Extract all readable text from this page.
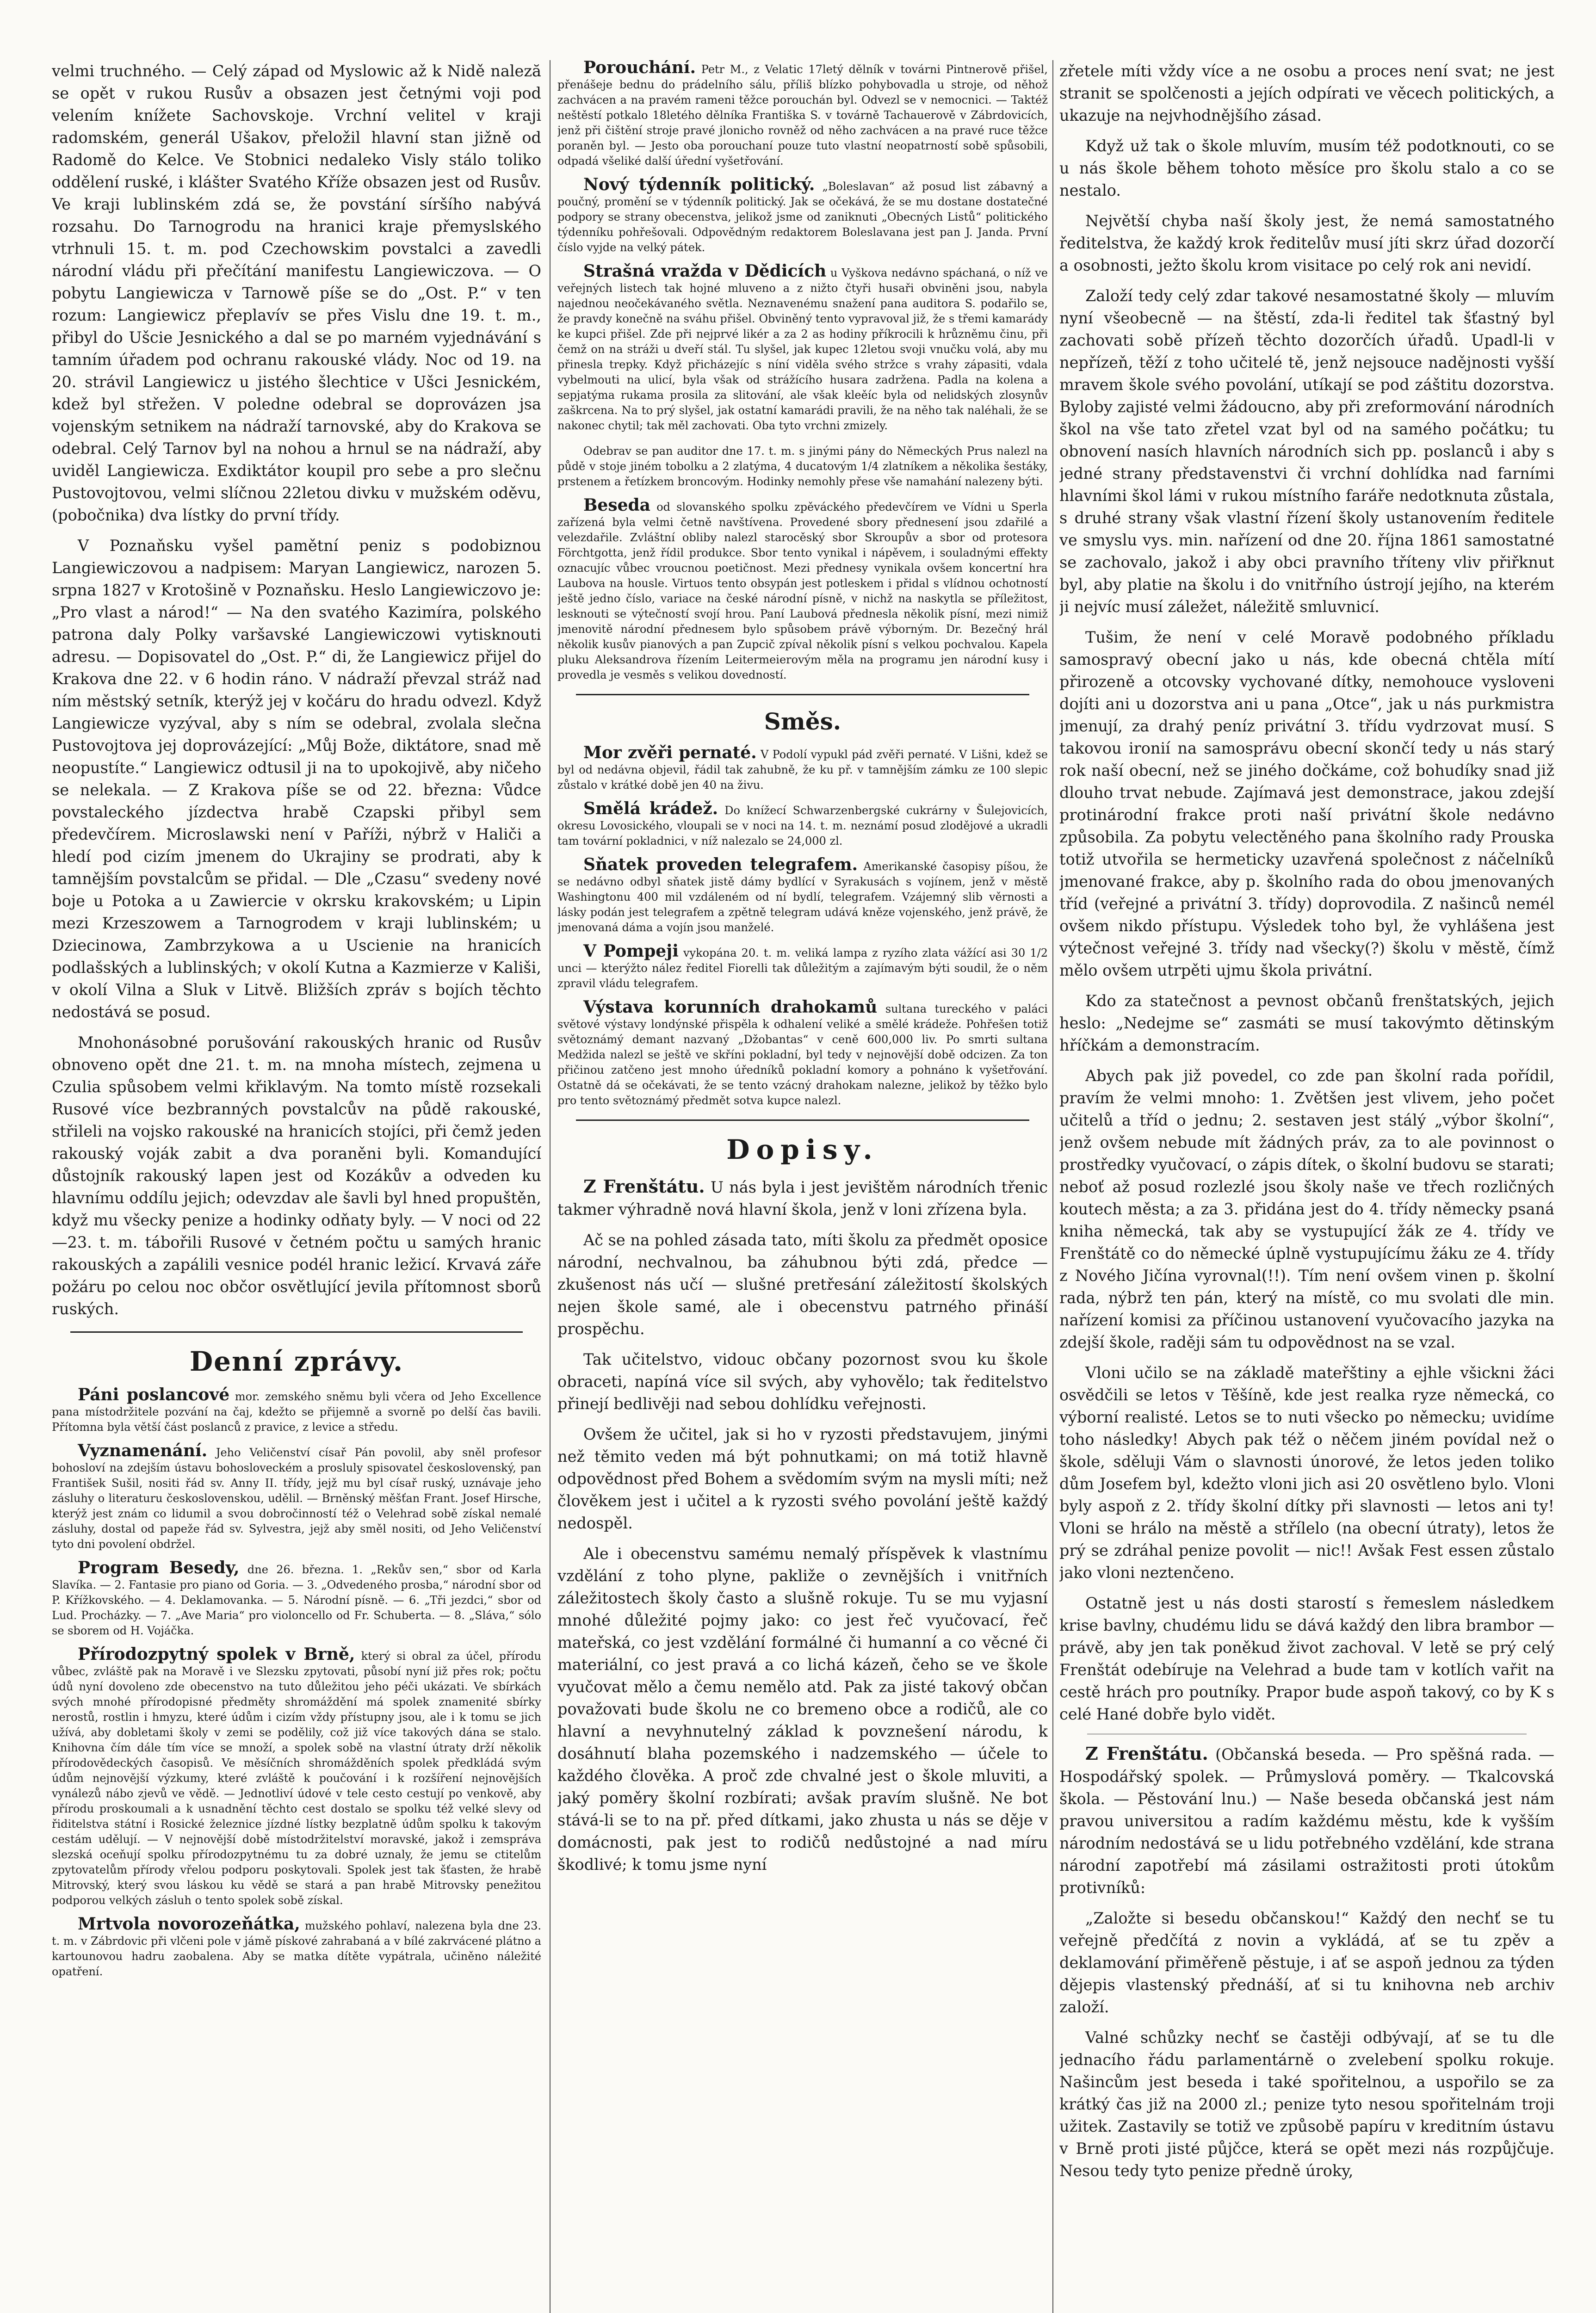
velmi truchného. — Celý západ od Myslowic až k Nidě naleză se opět v rukou Rusův a obsazen jest četnými voji pod velením knížete Sachovskoje. Vrchní velitel v kraji radomském, generál Ušakov, přeložil hlavní stan jižně od Radomě do Kelce. Ve Stobnici nedaleko Visly stálo toliko oddělení ruské, i klášter Svatého Kříže obsazen jest od Rusův. Ve kraji lublinském zdá se, že povstání síršího nabývá rozsahu. Do Tarnogrodu na hranici kraje přemyslského vtrhnuli 15. t. m. pod Czechowskim povstalci a zavedli národní vládu při přečítání manifestu Langiewiczova. — O pobytu Langiewicza v Tarnowě píše se do „Ost. P.“ v ten rozum: Langiewicz přeplavív se přes Vislu dne 19. t. m., přibyl do Ušcie Jesnického a dal se po marném vyjednávání s tamním úřadem pod ochranu rakouské vlády. Noc od 19. na 20. strávil Langiewicz u jistého šlechtice v Ušci Jesnickém, kdež byl střežen. V poledne odebral se doprovázen jsa vojenským setnikem na nádraží tarnovské, aby do Krakova se odebral. Celý Tarnov byl na nohou a hrnul se na nádraží, aby uviděl Langiewicza. Exdiktátor koupil pro sebe a pro slečnu Pustovojtovou, velmi slíčnou 22letou divku v mužském oděvu, (pobočnika) dva lístky do první třídy.

V Poznaňsku vyšel pamětní peniz s podobiznou Langiewiczovou a nadpisem: Maryan Langiewicz, narozen 5. srpna 1827 v Krotošině v Poznaňsku. Heslo Langiewiczovo je: „Pro vlast a národ!“ — Na den svatého Kazimíra, polského patrona daly Polky varšavské Langiewiczowi vytisknouti adresu. — Dopisovatel do „Ost. P.“ di, že Langiewicz přijel do Krakova dne 22. v 6 hodin ráno. V nádraží převzal stráž nad ním městský setník, kterýž jej v kočáru do hradu odvezl. Když Langiewicze vyzýval, aby s ním se odebral, zvolala slečna Pustovojtova jej doprovázející: „Můj Bože, diktátore, snad mě neopustíte.“ Langiewicz odtusil ji na to upokojivě, aby ničeho se nelekala. — Z Krakova píše se od 22. března: Vůdce povstaleckého jízdectva hrabě Czapski přibyl sem předevčírem. Microslawski není v Paříži, nýbrž v Haliči a hledí pod cizím jmenem do Ukrajiny se prodrati, aby k tamnějším povstalcům se přidal. — Dle „Czasu“ svedeny nové boje u Potoka a u Zawiercie v okrsku krakovském; u Lipin mezi Krzeszowem a Tarnogrodem v kraji lublinském; u Dziecinowa, Zambrzykowa a u Uscienie na hranicích podlašských a lublinských; v okolí Kutna a Kazmierze v Kališi, v okolí Vilna a Sluk v Litvě. Bližších zpráv s bojích těchto nedostává se posud.

Mnohonásobné porušování rakouských hranic od Rusův obnoveno opět dne 21. t. m. na mnoha místech, zejmena u Czulia spůsobem velmi křiklavým. Na tomto místě rozsekali Rusové více bezbranných povstalcův na půdě rakouské, střileli na vojsko rakouské na hranicích stojíci, při čemž jeden rakouský voják zabit a dva poraněni byli. Komandující důstojník rakouský lapen jest od Kozákův a odveden ku hlavnímu oddílu jejich; odevzdav ale šavli byl hned propuštěn, když mu všecky penize a hodinky odňaty byly. — V noci od 22—23. t. m. tábořili Rusové v četném počtu u samých hranic rakouských a zapálili vesnice podél hranic ležicí. Krvavá záře požáru po celou noc občor osvětlující jevila přítomnost sborů ruských.

Denní zprávy.

Páni poslancové mor. zemského sněmu byli včera od Jeho Excellence pana místodržitele pozvání na čaj, kdežto se přijemně a svorně po delší čas bavili. Přítomna byla větší část poslanců z pravice, z levice a středu.

Vyznamenání. Jeho Veličenství císař Pán povolil, aby sněl profesor bohosloví na zdejším ústavu bohosloveckém a prosluly spisovatel československý, pan František Sušil, nositi řád sv. Anny II. třídy, jejž mu byl císař ruský, uznávaje jeho zásluhy o literaturu československou, udělil. — Brněnský měšťan Frant. Josef Hirsche, kterýž jest znám co lidumil a svou dobročinností též o Velehrad sobě získal nemalé zásluhy, dostal od papeže řád sv. Sylvestra, jejž aby směl nositi, od Jeho Veličenství tyto dni povolení obdržel.

Program Besedy, dne 26. března. 1. „Rekův sen,“ sbor od Karla Slavíka. — 2. Fantasie pro piano od Goria. — 3. „Odvedeného prosba,“ národní sbor od P. Křížkovského. — 4. Deklamovanka. — 5. Národní písně. — 6. „Tři jezdci,“ sbor od Lud. Procházky. — 7. „Ave Maria“ pro violoncello od Fr. Schuberta. — 8. „Sláva,“ sólo se sborem od H. Vojáčka.

Přírodozpytný spolek v Brně, který si obral za účel, přírodu vůbec, zvláště pak na Moravě i ve Slezsku zpytovati, působí nyní již přes rok; počtu údů nyní dovoleno zde obecenstvo na tuto důležitou jeho péči ukázati. Ve sbírkách svých mnohé přírodopisné předměty shromáždění má spolek znamenité sbírky nerostů, rostlin i hmyzu, které údům i cizím vždy přístupny jsou, ale i k tomu se jich užívá, aby dobletami školy v zemi se podělily, což již více takových dána se stalo. Knihovna čím dále tím více se množí, a spolek sobě na vlastní útraty drží několik přírodovědeckých časopisů. Ve měsíčních shromážděních spolek předkládá svým údům nejnovější výzkumy, které zvláště k poučování i k rozšíření nejnovějších vynálezů nábo zjevů ve vědě. — Jednotliví údové v tele cesto cestují po venkově, aby přírodu proskoumali a k usnadnění těchto cest dostalo se spolku též velké slevy od řiditelstva státní i Rosické železnice jízdné lístky bezplatně údům spolku k takovým cestám udělují. — V nejnovější době místodržitelství moravské, jakož i zemspráva slezská oceňují spolku přírodozpytnému tu za dobré uznaly, že jemu se ctitelům zpytovatelům přírody vřelou podporu poskytovali. Spolek jest tak šťasten, že hrabě Mitrovský, který svou láskou ku vědě se stará a pan hrabě Mitrovsky penežitou podporou velkých zásluh o tento spolek sobě získal.

Mrtvola novorozeňátka, mužského pohlaví, nalezena byla dne 23. t. m. v Zábrdovic při vlčeni pole v jámě pískové zahrabaná a v bílé zakrvácené plátno a kartounovou hadru zaobalena. Aby se matka dítěte vypátrala, učiněno náležité opatření.

Porouchání. Petr M., z Velatic 17letý dělník v továrni Pintnerově přišel, přenášeje bednu do prádelního sálu, příliš blízko pohybovadla u stroje, od něhož zachvácen a na pravém rameni těžce porouchán byl. Odvezl se v nemocnici. — Taktéž neštěstí potkalo 18letého dělníka Františka S. v továrně Tachauerově v Zábrdovicích, jenž při čištění stroje pravé jlonicho rovněž od něho zachvácen a na pravé ruce těžce poraněn byl. — Jesto oba porouchaní pouze tuto vlastní neopatrností sobě spůsobili, odpadá všeliké další úřední vyšetřování.

Nový týdenník politický. „Boleslavan“ až posud list zábavný a poučný, promění se v týdenník politický. Jak se očekává, že se mu dostane dostatečné podpory se strany obecenstva, jelikož jsme od zaniknuti „Obecných Listů“ politického týdenníku pohřešovali. Odpovědným redaktorem Boleslavana jest pan J. Janda. První číslo vyjde na velký pátek.

Strašná vražda v Dědicích u Vyškova nedávno spáchaná, o níž ve veřejných listech tak hojné mluveno a z nižto čtyři husaři obviněni jsou, nabyla najednou neočekávaného světla. Neznavenému snažení pana auditora S. podařilo se, že pravdy konečně na sváhu přišel. Obviněný tento vypravoval již, že s třemi kamarády ke kupci přišel. Zde při nejprvé likér a za 2 as hodiny příkrocili k hrůzněmu činu, při čemž on na stráži u dveří stál. Tu slyšel, jak kupec 12letou svoji vnučku volá, aby mu přinesla trepky. Když přicházejíc s níní viděla svého stržce s vrahy zápasiti, vdala vybelmouti na ulicí, byla však od strážícího husara zadržena. Padla na kolena a sepjatýma rukama prosila za slitování, ale však kleěíc byla od nelidských zlosynův zaškrcena. Na to prý slyšel, jak ostatní kamarádi pravili, že na něho tak naléhali, že se nakonec chytil; tak měl zachovati. Oba tyto vrchni zmizely.

Odebrav se pan auditor dne 17. t. m. s jinými pány do Německých Prus nalezl na půdě v stoje jiném tobolku a 2 zlatýma, 4 ducatovým 1/4 zlatníkem a několika šestáky, prstenem a řetízkem broncovým. Hodinky nemohly přese vše namahání nalezeny býti.

Beseda od slovanského spolku zpěváckého předevčírem ve Vídni u Sperla zařízená byla velmi četně navštívena. Provedené sbory přednesení jsou zdařilé a velezdařile. Zvláštní obliby nalezl starocěský sbor Skroupův a sbor od protesora Förchtgotta, jenž řídil produkce. Sbor tento vynikal i nápěvem, i souladnými effekty oznacujíc vůbec vroucnou poetičnost. Mezi přednesy vynikala ovšem koncertní hra Laubova na housle. Virtuos tento obsypán jest potleskem i přidal s vlídnou ochotností ještě jedno číslo, variace na české národní písně, v nichž na naskytla se příležitost, lesknouti se výtečností svojí hrou. Paní Laubová přednesla několik písní, mezi nimiž jmenovitě národní přednesem bylo spůsobem právě výborným. Dr. Bezečný hrál několik kusův pianových a pan Zupcič zpíval několik písní s velkou pochvalou. Kapela pluku Aleksandrova řízením Leitermeierovým měla na programu jen národní kusy i provedla je vesměs s velikou dovedností.

Směs.

Mor zvěři pernaté. V Podolí vypukl pád zvěři pernaté. V Lišni, kdež se byl od nedávna objevil, řádil tak zahubně, že ku př. v tamnějším zámku ze 100 slepic zůstalo v krátké době jen 40 na živu.

Smělá krádež. Do knížecí Schwarzenbergské cukrárny v Šulejovicích, okresu Lovosického, vloupali se v noci na 14. t. m. neznámí posud zlodějové a ukradli tam tovární pokladnici, v níž nalezalo se 24,000 zl.

Sňatek proveden telegrafem. Amerikanské časopisy píšou, že se nedávno odbyl sňatek jistě dámy bydlící v Syrakusách s vojínem, jenž v městě Washingtonu 400 mil vzdáleném od ní bydlí, telegrafem. Vzájemný slib věrnosti a lásky podán jest telegrafem a zpětně telegram udává kněze vojenského, jenž právě, že jmenovaná dáma a vojín jsou manželé.

V Pompeji vykopána 20. t. m. veliká lampa z ryzího zlata vážící asi 30 1/2 unci — kterýžto nález ředitel Fiorelli tak důležitým a zajímavým býti soudil, že o něm zpravil vládu telegrafem.

Výstava korunních drahokamů sultana tureckého v paláci světové výstavy londýnské přispěla k odhalení veliké a smělé krádeže. Pohřešen totiž světoznámý demant nazvaný „Džobantas“ v ceně 600,000 liv. Po smrti sultana Medžida nalezl se ještě ve skříni pokladní, byl tedy v nejnovější době odcizen. Za ton přičinou zatčeno jest mnoho úředníků pokladní komory a pohnáno k vyšetřování. Ostatně dá se očekávati, že se tento vzácný drahokam nalezne, jelikož by těžko bylo pro tento světoznámý předmět sotva kupce nalezl.

Dopisy.

Z Frenštátu. U nás byla i jest jevištěm národních třenic takmer výhradně nová hlavní škola, jenž v loni zřízena byla.

Ač se na pohled zásada tato, míti školu za předmět oposice národní, nechvalnou, ba záhubnou býti zdá, předce — zkušenost nás učí — slušné pretřesání záležitostí školských nejen škole samé, ale i obecenstvu patrného přináší prospěchu.

Tak učitelstvo, vidouc občany pozornost svou ku škole obraceti, napíná více sil svých, aby vyhovělo; tak ředitelstvo přinejí bedlivěji nad sebou dohlídku veřejnosti.

Ovšem že učitel, jak si ho v ryzosti představujem, jinými než těmito veden má být pohnutkami; on má totiž hlavně odpovědnost před Bohem a svědomím svým na mysli míti; než člověkem jest i učitel a k ryzosti svého povolání ještě každý nedospěl.

Ale i obecenstvu samému nemalý příspěvek k vlastnímu vzdělání z toho plyne, pakliže o zevnějších i vnitřních záležitostech školy často a slušně rokuje. Tu se mu vyjasní mnohé důležité pojmy jako: co jest řeč vyučovací, řeč mateřská, co jest vzdělání formálné či humanní a co věcné či materiální, co jest pravá a co lichá kázeň, čeho se ve škole vyučovat mělo a čemu nemělo atd. Pak za jisté takový občan považovati bude školu ne co bremeno obce a rodičů, ale co hlavní a nevyhnutelný základ k povznešení národu, k dosáhnutí blaha pozemského i nadzemského — účele to každého člověka. A proč zde chvalné jest o škole mluviti, a jaký poměry školní rozbírati; avšak pravím slušně. Ne bot stává-li se to na př. před dítkami, jako zhusta u nás se děje v domácnosti, pak jest to rodičů nedůstojné a nad míru škodlivé; k tomu jsme nyní

zřetele míti vždy více a ne osobu a proces není svat; ne jest stranit se spolčenosti a jejích odpírati ve věcech politických, a ukazuje na nejvhodnějšího zásad.

Když už tak o škole mluvím, musím též podotknouti, co se u nás škole během tohoto měsíce pro školu stalo a co se nestalo.

Největší chyba naší školy jest, že nemá samostatného ředitelstva, že každý krok ředitelův musí jíti skrz úřad dozorčí a osobnosti, ježto školu krom visitace po celý rok ani nevidí.

Založí tedy celý zdar takové nesamostatné školy — mluvím nyní všeobecně — na štěstí, zda-li ředitel tak šťastný byl zachovati sobě přízeň těchto dozorčích úřadů. Upadl-li v nepřízeň, těží z toho učitelé tě, jenž nejsouce nadějnosti vyšší mravem škole svého povolání, utíkají se pod záštitu dozorstva. Byloby zajisté velmi žádoucno, aby při zreformování národních škol na vše tato zřetel vzat byl od na samého počátku; tu obnovení nasích hlavních národních sich pp. poslanců i aby s jedné strany představenstvi či vrchní dohlídka nad farními hlavními škol lámi v rukou místního faráře nedotknuta zůstala, s druhé strany však vlastní řízení školy ustanovením ředitele ve smyslu vys. min. nařízení od dne 20. října 1861 samostatné se zachovalo, jakož i aby obci pravního tříteny vliv přiřknut byl, aby platie na školu i do vnitřního ústrojí jejího, na kterém ji nejvíc musí záležet, náležitě smluvnicí.

Tušim, že není v celé Moravě podobného příkladu samospravý obecní jako u nás, kde obecná chtěla mítí přirozeně a otcovsky vychované dítky, nemohouce vysloveni dojíti ani u dozorstva ani u pana „Otce“, jak u nás purkmistra jmenují, za drahý peníz privátní 3. třídu vydrzovat musí. S takovou ironií na samosprávu obecní skončí tedy u nás starý rok naší obecní, než se jiného dočkáme, což bohudíky snad již dlouho trvat nebude. Zajímavá jest demonstrace, jakou zdejší protinárodní frakce proti naší privátní škole nedávno způsobila. Za pobytu velectěného pana školního rady Prouska totiž utvořila se hermeticky uzavřená společnost z náčelníků jmenované frakce, aby p. školního rada do obou jmenovaných tříd (veřejné a privátní 3. třídy) doprovodila. Z našinců nemél ovšem nikdo přístupu. Výsledek toho byl, že vyhlášena jest výtečnost veřejné 3. třídy nad všecky(?) školu v městě, čímž mělo ovšem utrpěti ujmu škola privátní.

Kdo za statečnost a pevnost občanů frenštatských, jejich heslo: „Nedejme se“ zasmáti se musí takovýmto dětinským hříčkám a demonstracím.

Abych pak již povedel, co zde pan školní rada pořídil, pravím že velmi mnoho: 1. Zvětšen jest vlivem, jeho počet učitelů a tříd o jednu; 2. sestaven jest stálý „výbor školní“, jenž ovšem nebude mít žádných práv, za to ale povinnost o prostředky vyučovací, o zápis dítek, o školní budovu se starati; neboť až posud rozlezlé jsou školy naše ve třech rozličných koutech města; a za 3. přidána jest do 4. třídy německy psaná kniha německá, tak aby se vystupující žák ze 4. třídy ve Frenštátě co do německé úplně vystupujícímu žáku ze 4. třídy z Nového Jičína vyrovnal(!!). Tím není ovšem vinen p. školní rada, nýbrž ten pán, který na místě, co mu svolati dle min. nařízení komisi za příčinou ustanovení vyučovacího jazyka na zdejší škole, raději sám tu odpovědnost na se vzal.

Vloni učilo se na základě mateřštiny a ejhle všickni žáci osvědčili se letos v Těšíně, kde jest realka ryze německá, co výborní realisté. Letos se to nuti všecko po německu; uvidíme toho následky! Abych pak též o něčem jiném povídal než o škole, sděluji Vám o slavnosti únorové, že letos jeden toliko dům Josefem byl, kdežto vloni jich asi 20 osvětleno bylo. Vloni byly aspoň z 2. třídy školní dítky při slavnosti — letos ani ty! Vloni se hrálo na městě a střílelo (na obecní útraty), letos že prý se zdráhal penize povolit — nic!! Avšak Fest essen zůstalo jako vloni neztenčeno.

Ostatně jest u nás dosti starostí s řemeslem následkem krise bavlny, chudému lidu se dává každý den libra brambor — právě, aby jen tak poněkud život zachoval. V letě se prý celý Frenštát odebíruje na Velehrad a bude tam v kotlích vařit na cestě hrách pro poutníky. Prapor bude aspoň takový, co by K s celé Hané dobře bylo vidět.

Z Frenštátu. (Občanská beseda. — Pro spěšná rada. — Hospodářský spolek. — Průmyslová poměry. — Tkalcovská škola. — Pěstování lnu.) — Naše beseda občanská jest nám pravou universitou a radím každému městu, kde k vyšším národním nedostává se u lidu potřebného vzdělání, kde strana národní zapotřebí má zásilami ostražitosti proti útokům protivníků:

„Založte si besedu občanskou!“ Každý den nechť se tu veřejně předčítá z novin a vykládá, ať se tu zpěv a deklamování přiměřeně pěstuje, i ať se aspoň jednou za týden dějepis vlastenský přednáší, ať si tu knihovna neb archiv založí.

Valné schůzky nechť se častěji odbývají, ať se tu dle jednacího řádu parlamentárně o zvelebení spolku rokuje. Našincům jest beseda i také spořitelnou, a uspořilo se za krátký čas již na 2000 zl.; penize tyto nesou spořitelnám troji užitek. Zastavily se totiž ve způsobě papíru v kreditním ústavu v Brně proti jisté půjčce, která se opět mezi nás rozpůjčuje. Nesou tedy tyto penize předně úroky,
